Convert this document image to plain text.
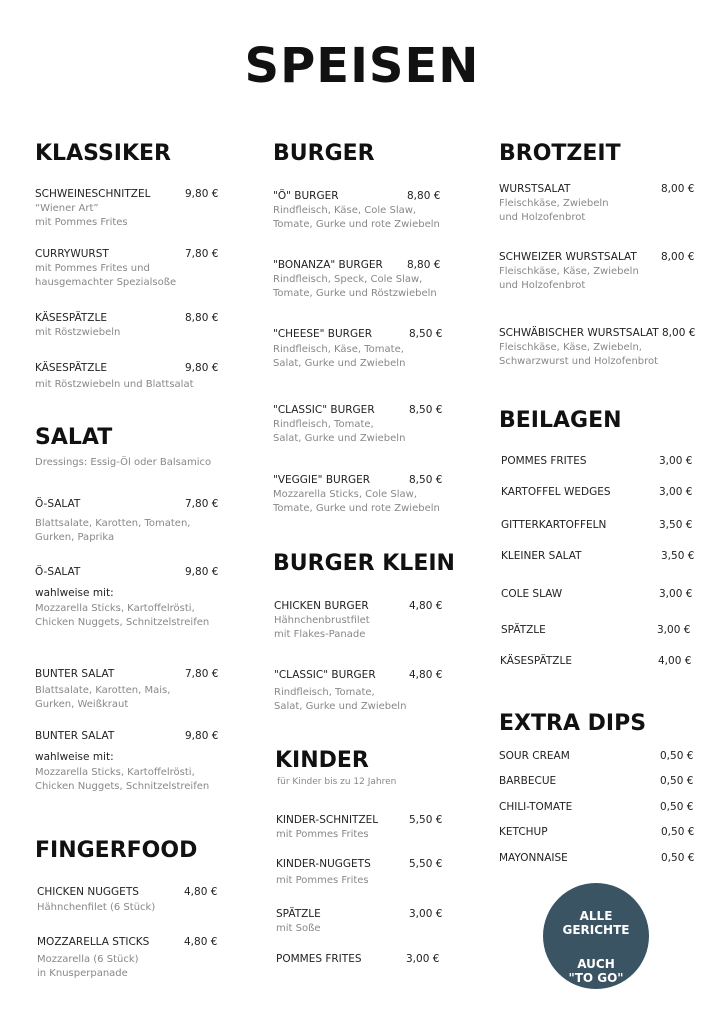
SPEISEN
KLASSIKER
SCHWEINESCHNITZEL	9,80 €
“Wiener Art”
mit Pommes Frites
CURRYWURST	7,80 €
mit Pommes Frites und
hausgemachter Spezialsoße
KÄSESPÄTZLE	8,80 €
mit Röstzwiebeln
KÄSESPÄTZLE	9,80 €
mit Röstzwiebeln und Blattsalat
SALAT
Dressings: Essig-Öl oder Balsamico
Ö-SALAT	7,80 €
Blattsalate, Karotten, Tomaten,
Gurken, Paprika
Ö-SALAT	9,80 €
wahlweise mit:
Mozzarella Sticks, Kartoffelrösti,
Chicken Nuggets, Schnitzelstreifen
BUNTER SALAT	7,80 €
Blattsalate, Karotten, Mais,
Gurken, Weißkraut
BUNTER SALAT	9,80 €
wahlweise mit:
Mozzarella Sticks, Kartoffelrösti,
Chicken Nuggets, Schnitzelstreifen
FINGERFOOD
CHICKEN NUGGETS	4,80 €
Hähnchenfilet (6 Stück)
MOZZARELLA STICKS	4,80 €
Mozzarella (6 Stück)
in Knusperpanade
BURGER
"Ö" BURGER	8,80 €
Rindfleisch, Käse, Cole Slaw,
Tomate, Gurke und rote Zwiebeln
"BONANZA" BURGER 8,80 €
Rindfleisch, Speck, Cole Slaw,
Tomate, Gurke und Röstzwiebeln
"CHEESE" BURGER	8,50 €
Rindfleisch, Käse, Tomate,
Salat, Gurke und Zwiebeln
"CLASSIC" BURGER	8,50 €
Rindfleisch, Tomate,
Salat, Gurke und Zwiebeln
"VEGGIE" BURGER	8,50 €
Mozzarella Sticks, Cole Slaw,
Tomate, Gurke und rote Zwiebeln
BURGER KLEIN
CHICKEN BURGER	4,80 €
Hähnchenbrustfilet
mit Flakes-Panade
"CLASSIC" BURGER	4,80 €
Rindfleisch, Tomate,
Salat, Gurke und Zwiebeln
KINDER
für Kinder bis zu 12 Jahren
KINDER-SCHNITZEL	5,50 €
mit Pommes Frites
KINDER-NUGGETS	5,50 €
mit Pommes Frites
SPÄTZLE	3,00 €
mit Soße
POMMES FRITES	3,00 €
BROTZEIT
WURSTSALAT	8,00 €
Fleischkäse, Zwiebeln
und Holzofenbrot
SCHWEIZER WURSTSALAT 8,00 €
Fleischkäse, Käse, Zwiebeln
und Holzofenbrot
SCHWÄBISCHER WURSTSALAT 8,00 €
Fleischkäse, Käse, Zwiebeln,
Schwarzwurst und Holzofenbrot
BEILAGEN
POMMES FRITES	3,00 €
KARTOFFEL WEDGES	3,00 €
GITTERKARTOFFELN	3,50 €
KLEINER SALAT	3,50 €
COLE SLAW	3,00 €
SPÄTZLE	3,00 €
KÄSESPÄTZLE	4,00 €
EXTRA DIPS
SOUR CREAM	0,50 €
BARBECUE	0,50 €
CHILI-TOMATE	0,50 €
KETCHUP	0,50 €
MAYONNAISE	0,50 €
ALLE
GERICHTE
AUCH
"TO GO"
